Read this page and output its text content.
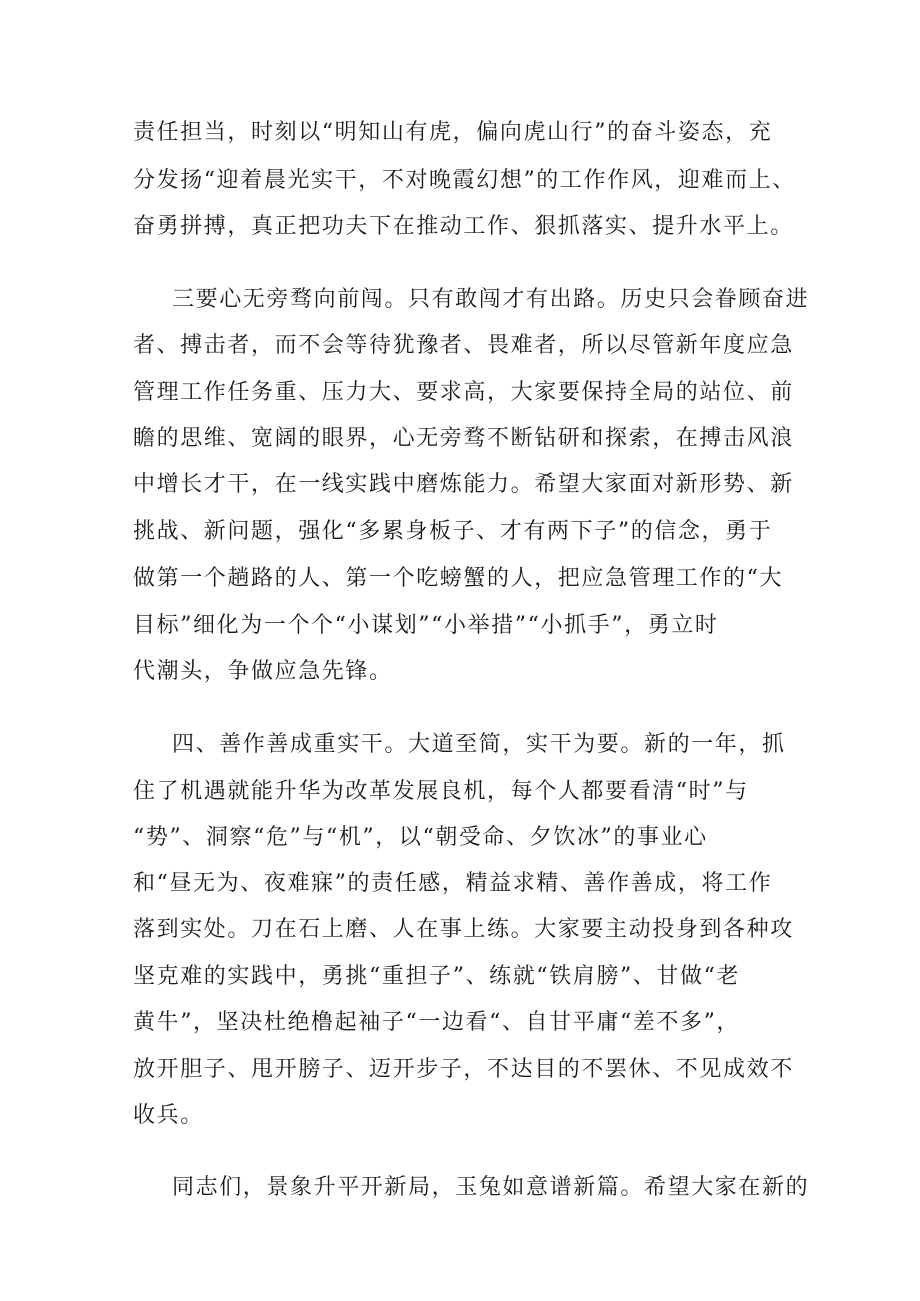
责任担当，时刻以“明知山有虎，偏向虎山行”的奋斗姿态，充

分发扬“迎着晨光实干，不对晚霞幻想”的工作作风，迎难而上、

奋勇拼搏，真正把功夫下在推动工作、狠抓落实、提升水平上。

三要心无旁骛向前闯。只有敢闯才有出路。历史只会眷顾奋进

者、搏击者，而不会等待犹豫者、畏难者，所以尽管新年度应急

管理工作任务重、压力大、要求高，大家要保持全局的站位、前

瞻的思维、宽阔的眼界，心无旁骛不断钻研和探索，在搏击风浪

中增长才干，在一线实践中磨炼能力。希望大家面对新形势、新

挑战、新问题，强化“多累身板子、才有两下子”的信念，勇于

做第一个趟路的人、第一个吃螃蟹的人，把应急管理工作的“大

目标”细化为一个个“小谋划”“小举措”“小抓手”，勇立时

代潮头，争做应急先锋。

四、善作善成重实干。大道至简，实干为要。新的一年，抓

住了机遇就能升华为改革发展良机，每个人都要看清“时”与

“势”、洞察“危”与“机”，以“朝受命、夕饮冰”的事业心

和“昼无为、夜难寐”的责任感，精益求精、善作善成，将工作

落到实处。刀在石上磨、人在事上练。大家要主动投身到各种攻

坚克难的实践中，勇挑“重担子”、练就“铁肩膀”、甘做“老

黄牛”，坚决杜绝橹起袖子“一边看“、自甘平庸“差不多”，

放开胆子、甩开膀子、迈开步子，不达目的不罢休、不见成效不

收兵。

同志们，景象升平开新局，玉兔如意谱新篇。希望大家在新的
